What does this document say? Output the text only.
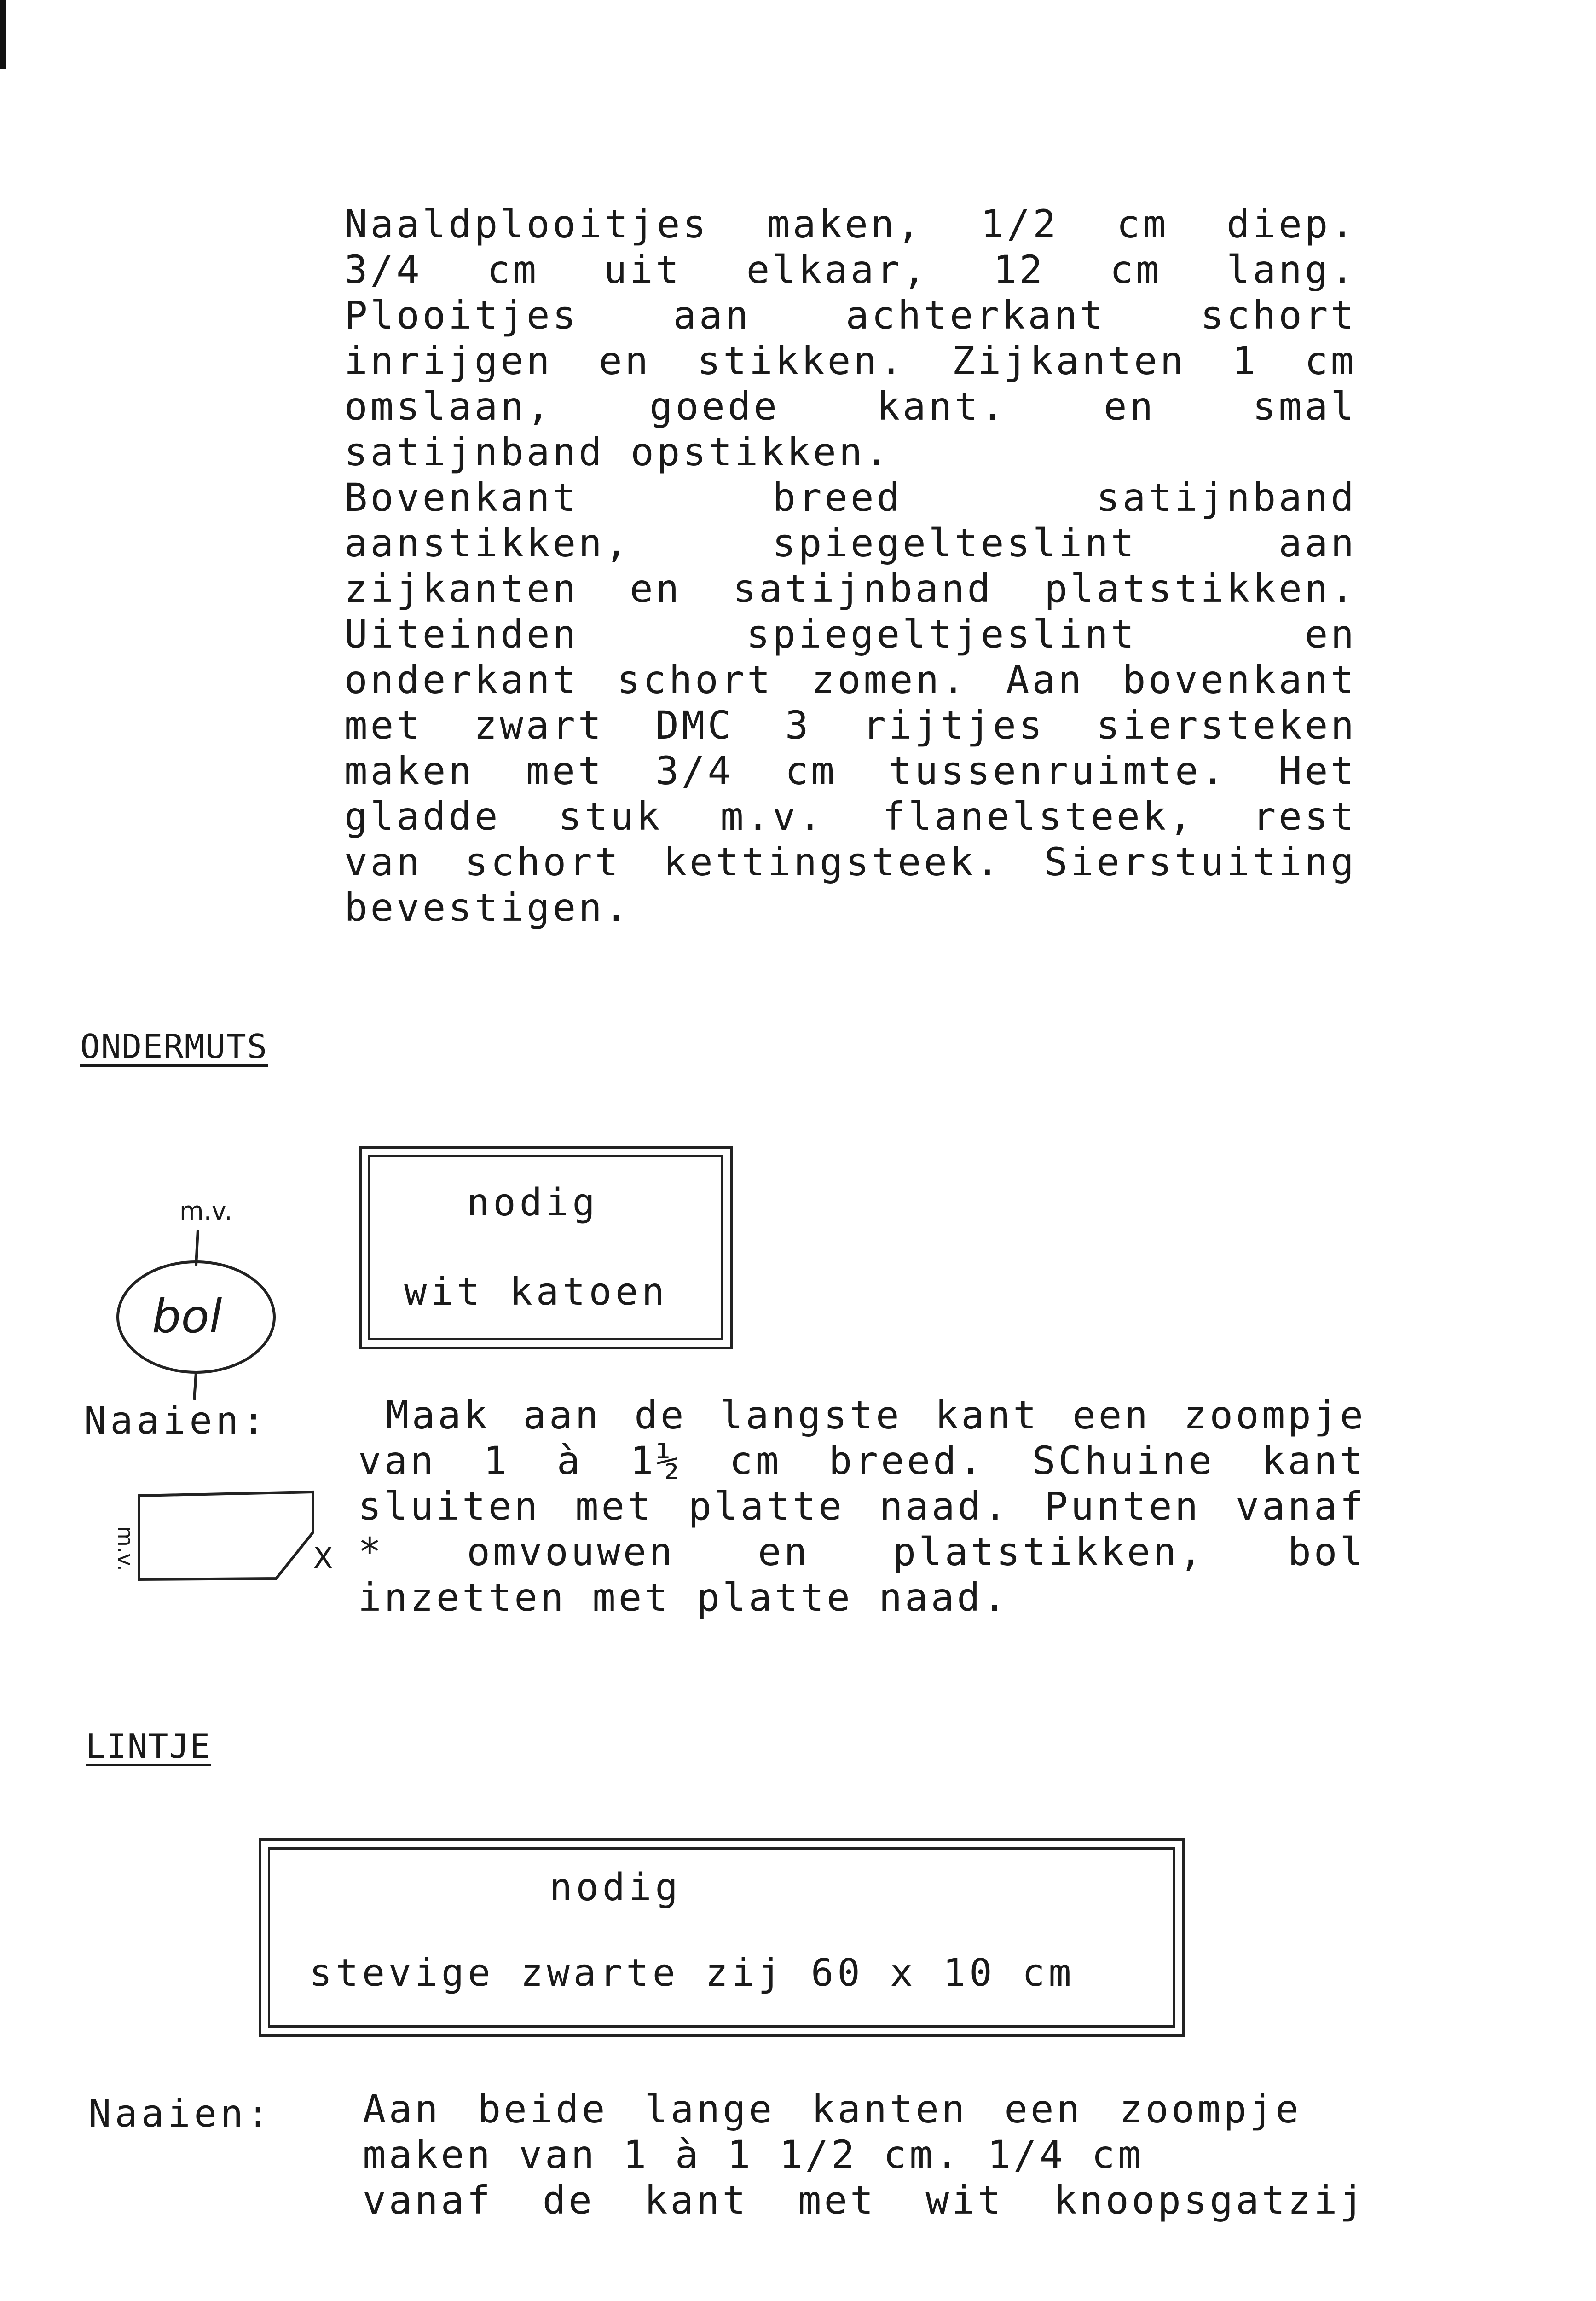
Naaldplooitjes maken, 1/2 cm diep.
3/4 cm uit elkaar, 12 cm lang.
Plooitjes aan achterkant schort
inrijgen en stikken. Zijkanten 1 cm
omslaan, goede kant. en smal
satijnband opstikken.
Bovenkant breed satijnband
aanstikken, spiegelteslint aan
zijkanten en satijnband platstikken.
Uiteinden spiegeltjeslint en
onderkant schort zomen. Aan bovenkant
met zwart DMC 3 rijtjes siersteken
maken met 3/4 cm tussenruimte. Het
gladde stuk m.v. flanelsteek, rest
van schort kettingsteek. Sierstuiting
bevestigen.
ONDERMUTS
m.v.
bol
nodig
wit katoen
Naaien:
m.v.	X
Maak aan de langste kant een zoompje
van 1 à 1½ cm breed. SChuine kant
sluiten met platte naad. Punten vanaf
* omvouwen en platstikken, bol
inzetten met platte naad.
LINTJE
nodig
stevige zwarte zij 60 x 10 cm
Naaien: Aan beide lange kanten een zoompje
maken van 1 à 1 1/2 cm. 1/4 cm
vanaf de kant met wit knoopsgatzij
